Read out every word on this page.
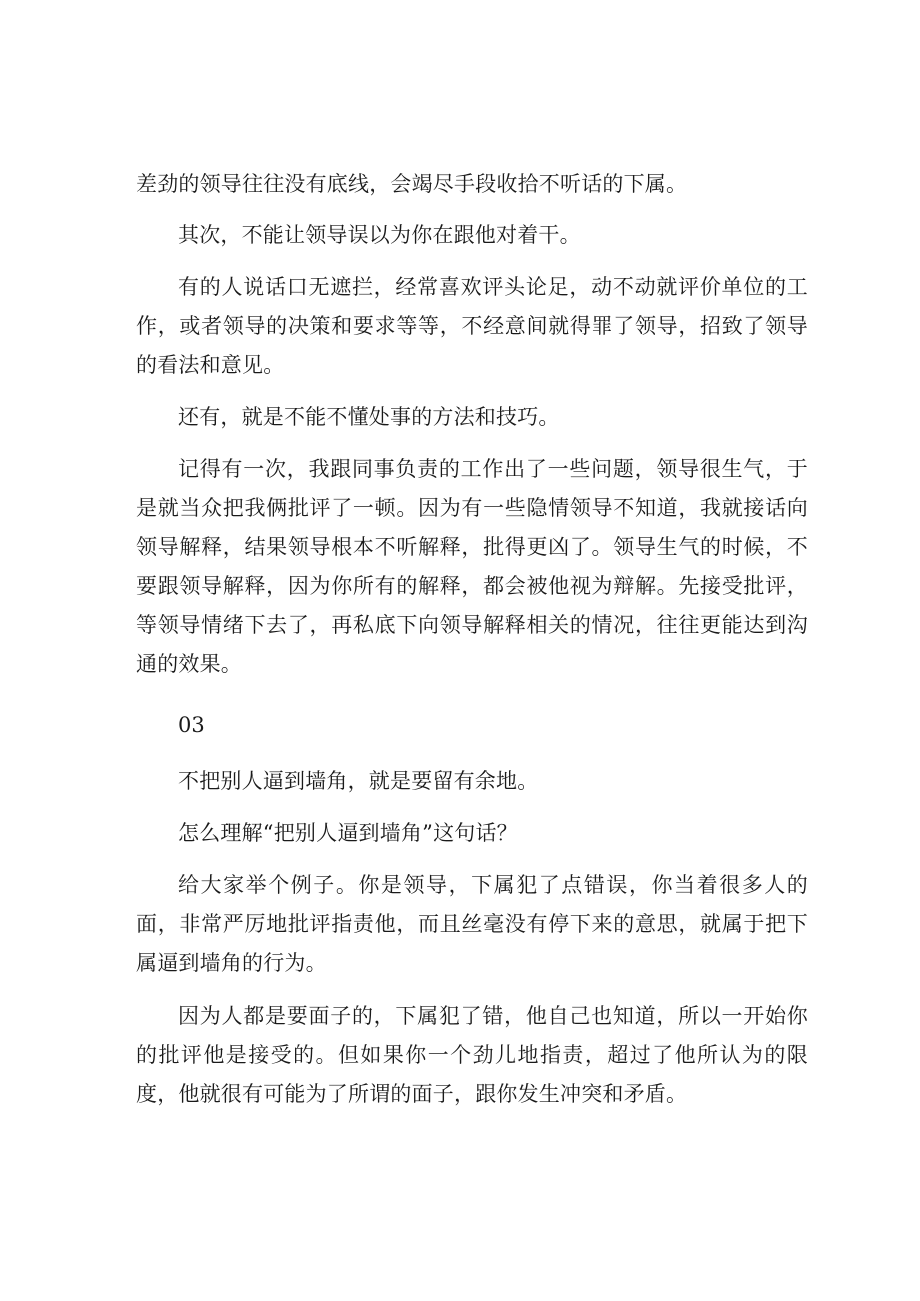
差劲的领导往往没有底线，会竭尽手段收拾不听话的下属。

其次，不能让领导误以为你在跟他对着干。

有的人说话口无遮拦，经常喜欢评头论足，动不动就评价单位的工作，或者领导的决策和要求等等，不经意间就得罪了领导，招致了领导的看法和意见。

还有，就是不能不懂处事的方法和技巧。

记得有一次，我跟同事负责的工作出了一些问题，领导很生气，于是就当众把我俩批评了一顿。因为有一些隐情领导不知道，我就接话向领导解释，结果领导根本不听解释，批得更凶了。领导生气的时候，不要跟领导解释，因为你所有的解释，都会被他视为辩解。先接受批评，等领导情绪下去了，再私底下向领导解释相关的情况，往往更能达到沟通的效果。

03

不把别人逼到墙角，就是要留有余地。

怎么理解“把别人逼到墙角”这句话？

给大家举个例子。你是领导，下属犯了点错误，你当着很多人的面，非常严厉地批评指责他，而且丝毫没有停下来的意思，就属于把下属逼到墙角的行为。

因为人都是要面子的，下属犯了错，他自己也知道，所以一开始你的批评他是接受的。但如果你一个劲儿地指责，超过了他所认为的限度，他就很有可能为了所谓的面子，跟你发生冲突和矛盾。
